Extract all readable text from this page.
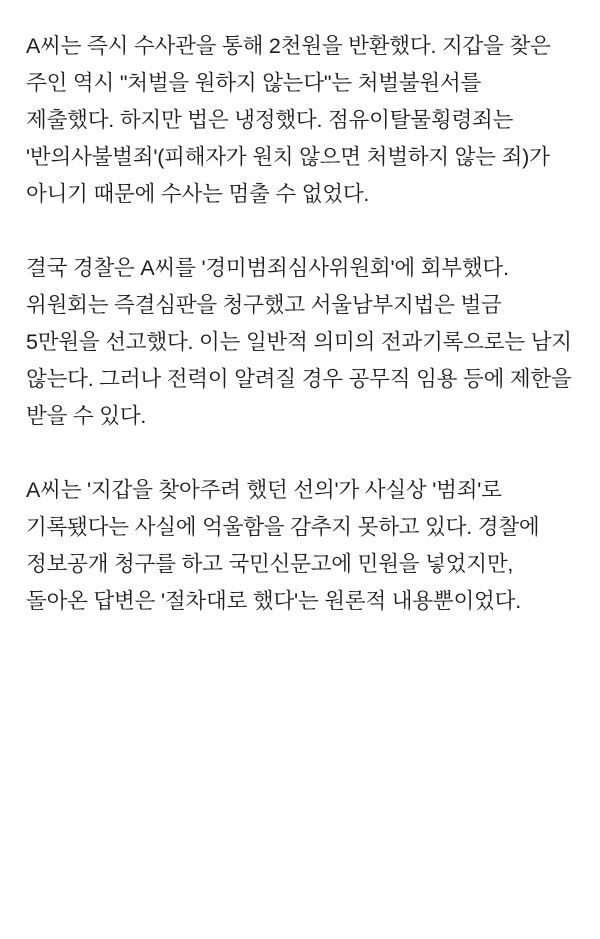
A씨는 즉시 수사관을 통해 2천원을 반환했다. 지갑을 찾은 주인 역시 "처벌을 원하지 않는다"는 처벌불원서를 제출했다. 하지만 법은 냉정했다. 점유이탈물횡령죄는 '반의사불벌죄'(피해자가 원치 않으면 처벌하지 않는 죄)가 아니기 때문에 수사는 멈출 수 없었다.

결국 경찰은 A씨를 '경미범죄심사위원회'에 회부했다. 위원회는 즉결심판을 청구했고 서울남부지법은 벌금 5만원을 선고했다. 이는 일반적 의미의 전과기록으로는 남지 않는다. 그러나 전력이 알려질 경우 공무직 임용 등에 제한을 받을 수 있다.

A씨는 '지갑을 찾아주려 했던 선의'가 사실상 '범죄'로 기록됐다는 사실에 억울함을 감추지 못하고 있다. 경찰에 정보공개 청구를 하고 국민신문고에 민원을 넣었지만, 돌아온 답변은 '절차대로 했다'는 원론적 내용뿐이었다.
